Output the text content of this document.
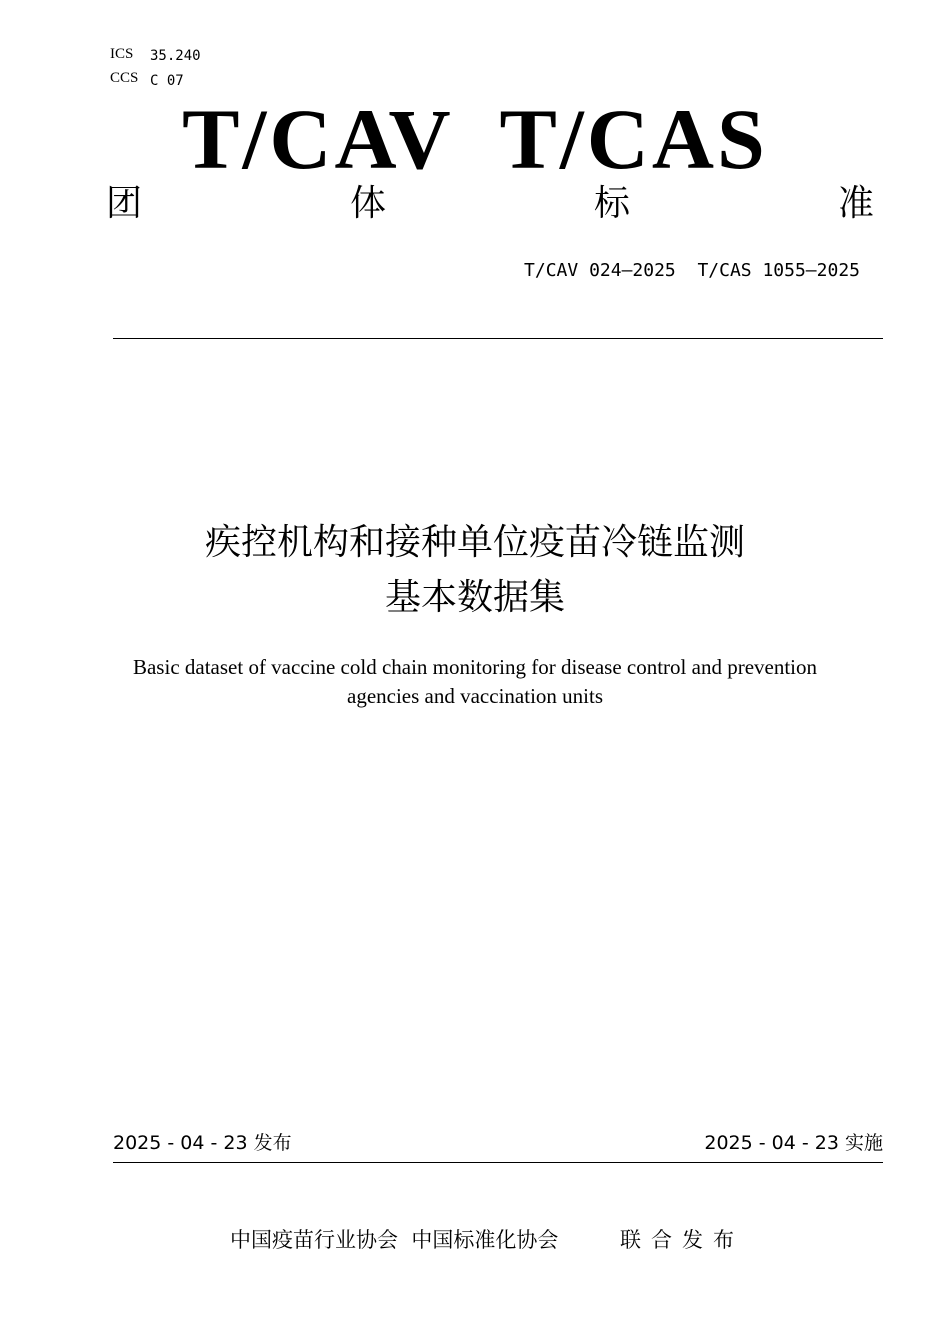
ICS 35.240
CCS C 07
T/CAV  T/CAS
团	体	标	准
T/CAV 024—2025  T/CAS 1055—2025
疾控机构和接种单位疫苗冷链监测
基本数据集
Basic dataset of vaccine cold chain monitoring for disease control and prevention
agencies and vaccination units
2025 - 04 - 23 发布	2025 - 04 - 23 实施
中国疫苗行业协会  中国标准化协会	联合发布
